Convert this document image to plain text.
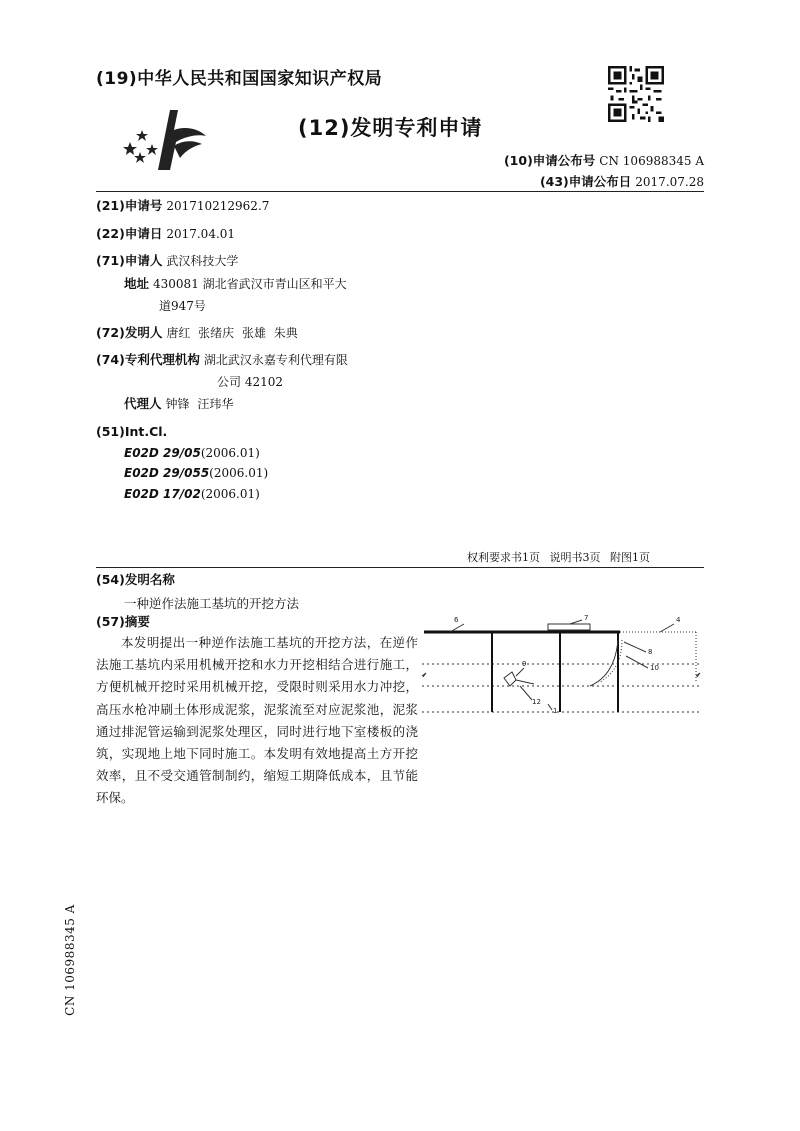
(19)中华人民共和国国家知识产权局
(12)发明专利申请
(10)申请公布号 CN 106988345 A
(43)申请公布日 2017.07.28
(21)申请号 201710212962.7
(22)申请日 2017.04.01
(71)申请人 武汉科技大学
地址 430081 湖北省武汉市青山区和平大
道947号
(72)发明人 唐红 张绪庆 张雄 朱典
(74)专利代理机构 湖北武汉永嘉专利代理有限
公司 42102
代理人 钟锋 汪玮华
(51)Int.Cl.
E02D 29/05(2006.01)
E02D 29/055(2006.01)
E02D 17/02(2006.01)
权利要求书1页 说明书3页 附图1页
(54)发明名称
一种逆作法施工基坑的开挖方法
(57)摘要
本发明提出一种逆作法施工基坑的开挖方法，在逆作法施工基坑内采用机械开挖和水力开挖相结合进行施工，方便机械开挖时采用机械开挖，受限时则采用水力冲挖，高压水枪冲刷土体形成泥浆，泥浆流至对应泥浆池，泥浆通过排泥管运输到泥浆处理区，同时进行地下室楼板的浇筑，实现地上地下同时施工。本发明有效地提高土方开挖效率，且不受交通管制制约，缩短工期降低成本，且节能环保。
6	7	4
8
10
9
12
1
CN 106988345 A
